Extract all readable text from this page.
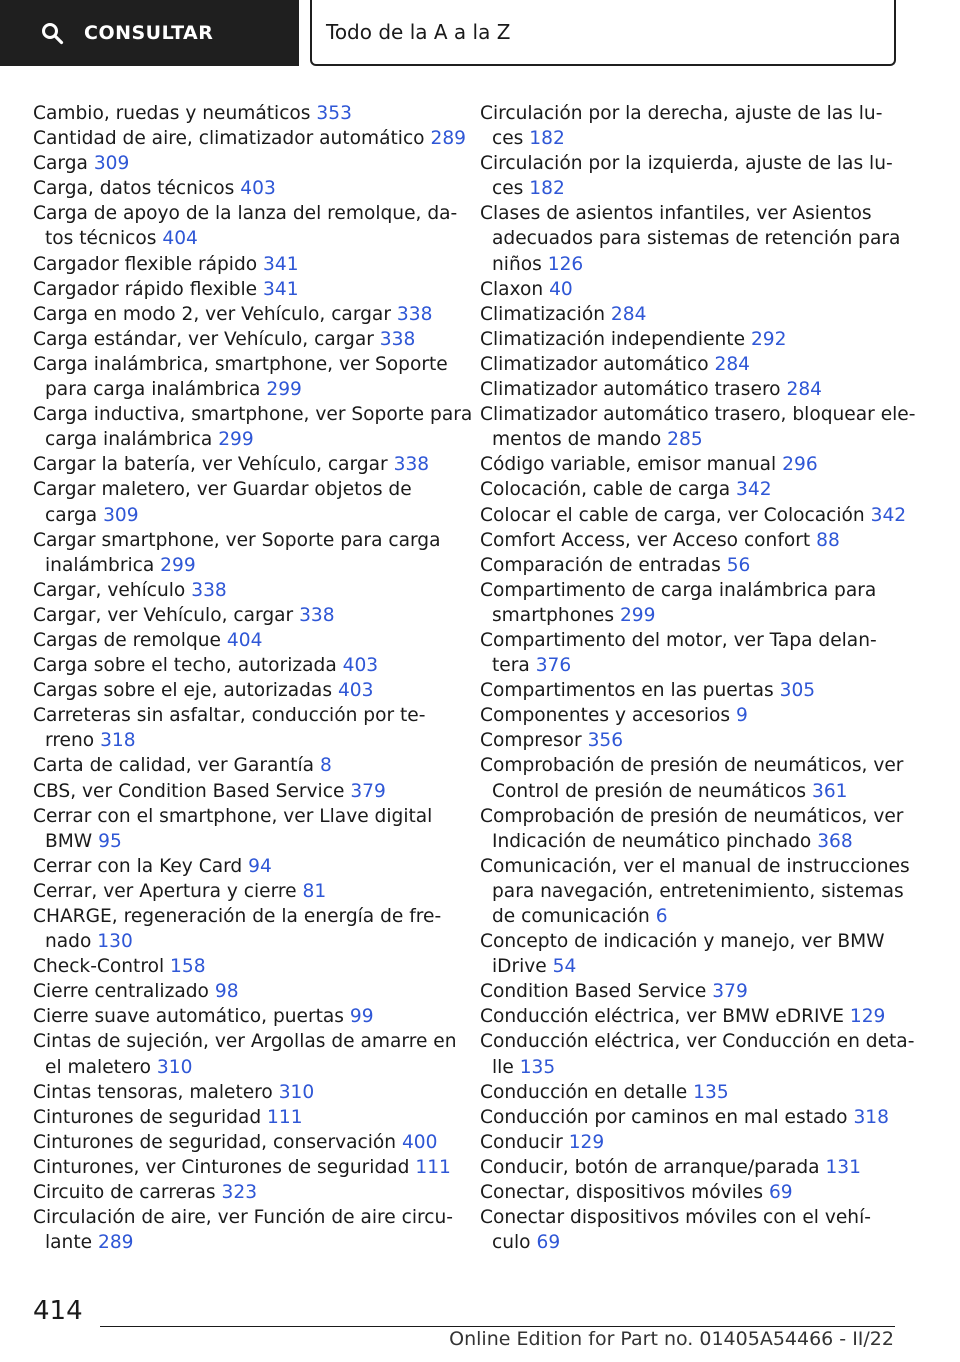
CONSULTAR	Todo de la A a la Z
Cambio, ruedas y neumáticos 353
Cantidad de aire, climatizador automático 289
Carga 309
Carga, datos técnicos 403
Carga de apoyo de la lanza del remolque, da-
tos técnicos 404
Cargador flexible rápido 341
Cargador rápido flexible 341
Carga en modo 2, ver Vehículo, cargar 338
Carga estándar, ver Vehículo, cargar 338
Carga inalámbrica, smartphone, ver Soporte
para carga inalámbrica 299
Carga inductiva, smartphone, ver Soporte para
carga inalámbrica 299
Cargar la batería, ver Vehículo, cargar 338
Cargar maletero, ver Guardar objetos de
carga 309
Cargar smartphone, ver Soporte para carga
inalámbrica 299
Cargar, vehículo 338
Cargar, ver Vehículo, cargar 338
Cargas de remolque 404
Carga sobre el techo, autorizada 403
Cargas sobre el eje, autorizadas 403
Carreteras sin asfaltar, conducción por te-
rreno 318
Carta de calidad, ver Garantía 8
CBS, ver Condition Based Service 379
Cerrar con el smartphone, ver Llave digital
BMW 95
Cerrar con la Key Card 94
Cerrar, ver Apertura y cierre 81
CHARGE, regeneración de la energía de fre-
nado 130
Check-Control 158
Cierre centralizado 98
Cierre suave automático, puertas 99
Cintas de sujeción, ver Argollas de amarre en
el maletero 310
Cintas tensoras, maletero 310
Cinturones de seguridad 111
Cinturones de seguridad, conservación 400
Cinturones, ver Cinturones de seguridad 111
Circuito de carreras 323
Circulación de aire, ver Función de aire circu-
lante 289
Circulación por la derecha, ajuste de las lu-
ces 182
Circulación por la izquierda, ajuste de las lu-
ces 182
Clases de asientos infantiles, ver Asientos
adecuados para sistemas de retención para
niños 126
Claxon 40
Climatización 284
Climatización independiente 292
Climatizador automático 284
Climatizador automático trasero 284
Climatizador automático trasero, bloquear ele-
mentos de mando 285
Código variable, emisor manual 296
Colocación, cable de carga 342
Colocar el cable de carga, ver Colocación 342
Comfort Access, ver Acceso confort 88
Comparación de entradas 56
Compartimento de carga inalámbrica para
smartphones 299
Compartimento del motor, ver Tapa delan-
tera 376
Compartimentos en las puertas 305
Componentes y accesorios 9
Compresor 356
Comprobación de presión de neumáticos, ver
Control de presión de neumáticos 361
Comprobación de presión de neumáticos, ver
Indicación de neumático pinchado 368
Comunicación, ver el manual de instrucciones
para navegación, entretenimiento, sistemas
de comunicación 6
Concepto de indicación y manejo, ver BMW
iDrive 54
Condition Based Service 379
Conducción eléctrica, ver BMW eDRIVE 129
Conducción eléctrica, ver Conducción en deta-
lle 135
Conducción en detalle 135
Conducción por caminos en mal estado 318
Conducir 129
Conducir, botón de arranque/parada 131
Conectar, dispositivos móviles 69
Conectar dispositivos móviles con el vehí-
culo 69
414
Online Edition for Part no. 01405A54466 - II/22
